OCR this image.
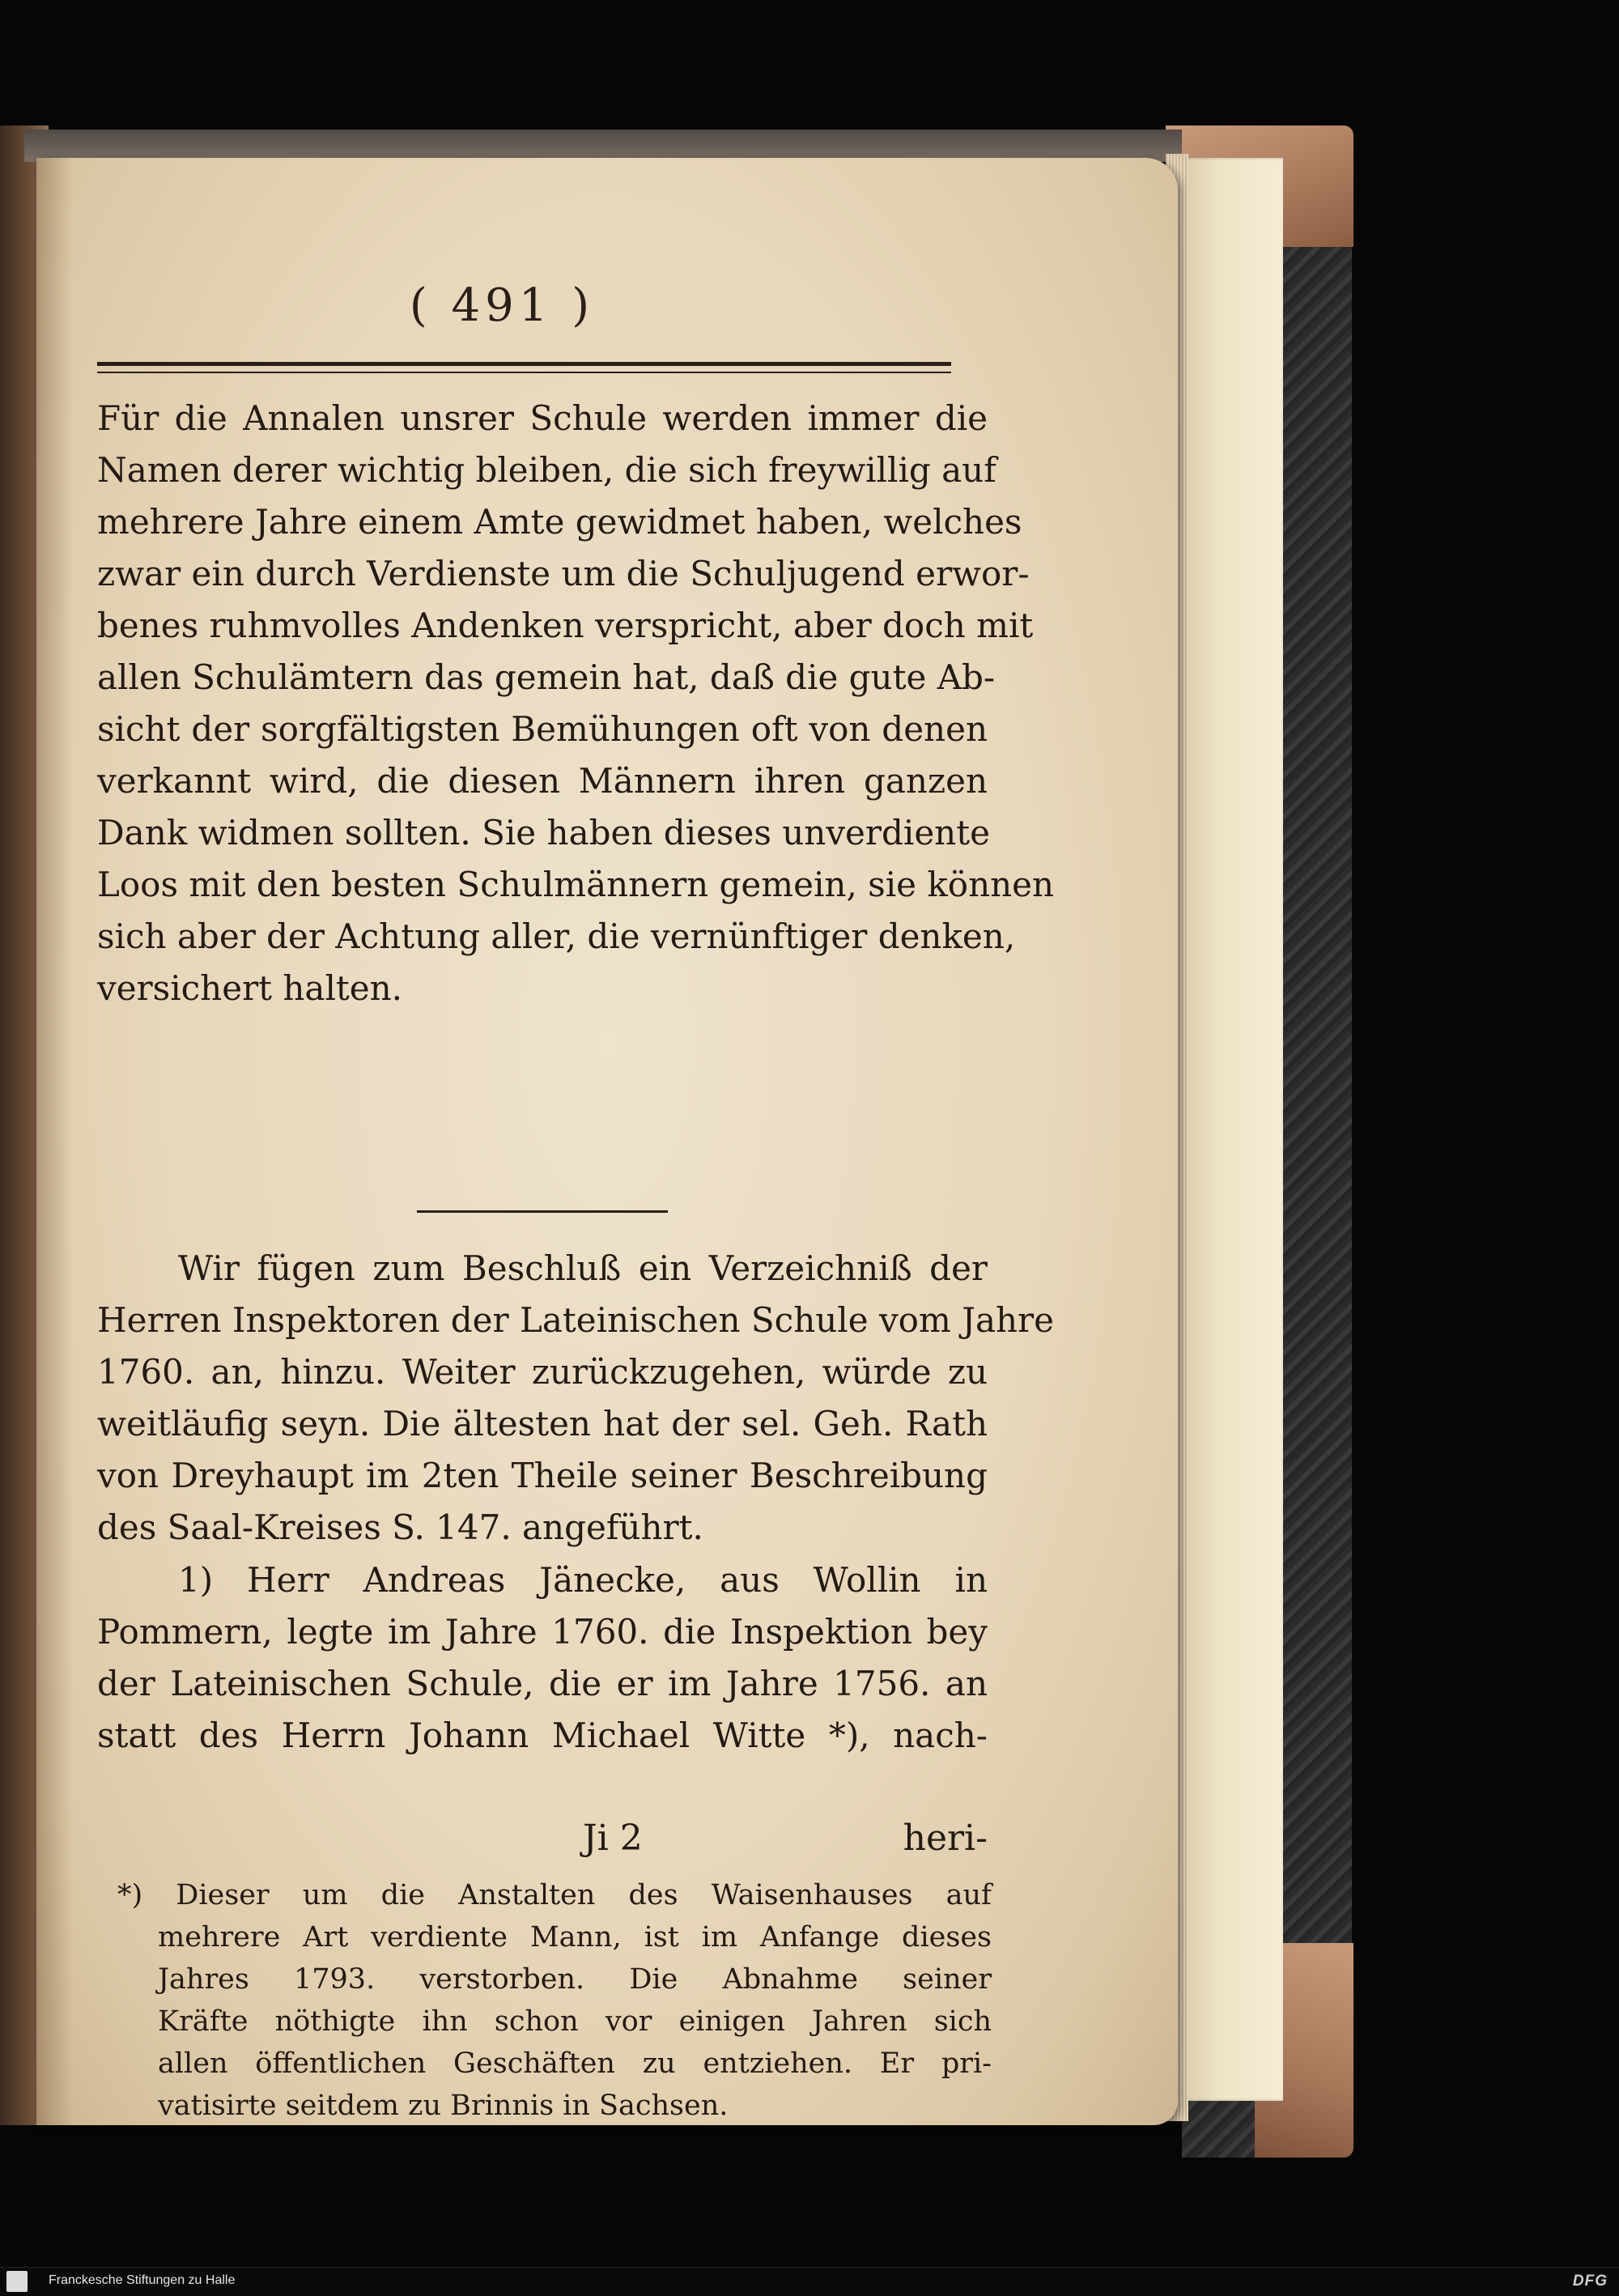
( 491 )
Für die Annalen unsrer Schule werden immer die
Namen derer wichtig bleiben, die sich freywillig auf
mehrere Jahre einem Amte gewidmet haben, welches
zwar ein durch Verdienste um die Schuljugend erwor-
benes ruhmvolles Andenken verspricht, aber doch mit
allen Schulämtern das gemein hat, daß die gute Ab-
sicht der sorgfältigsten Bemühungen oft von denen
verkannt wird, die diesen Männern ihren ganzen
Dank widmen sollten. Sie haben dieses unverdiente
Loos mit den besten Schulmännern gemein, sie können
sich aber der Achtung aller, die vernünftiger denken,
versichert halten.
Wir fügen zum Beschluß ein Verzeichniß der
Herren Inspektoren der Lateinischen Schule vom Jahre
1760. an, hinzu. Weiter zurückzugehen, würde zu
weitläufig seyn. Die ältesten hat der sel. Geh. Rath
von Dreyhaupt im 2ten Theile seiner Beschreibung
des Saal-Kreises S. 147. angeführt.
1) Herr Andreas Jänecke, aus Wollin in
Pommern, legte im Jahre 1760. die Inspektion bey
der Lateinischen Schule, die er im Jahre 1756. an
statt des Herrn Johann Michael Witte *), nach-
Ji 2	heri-
*) Dieser um die Anstalten des Waisenhauses auf
mehrere Art verdiente Mann, ist im Anfange dieses
Jahres 1793. verstorben. Die Abnahme seiner
Kräfte nöthigte ihn schon vor einigen Jahren sich
allen öffentlichen Geschäften zu entziehen. Er pri-
vatisirte seitdem zu Brinnis in Sachsen.
Franckesche Stiftungen zu Halle	DFG
